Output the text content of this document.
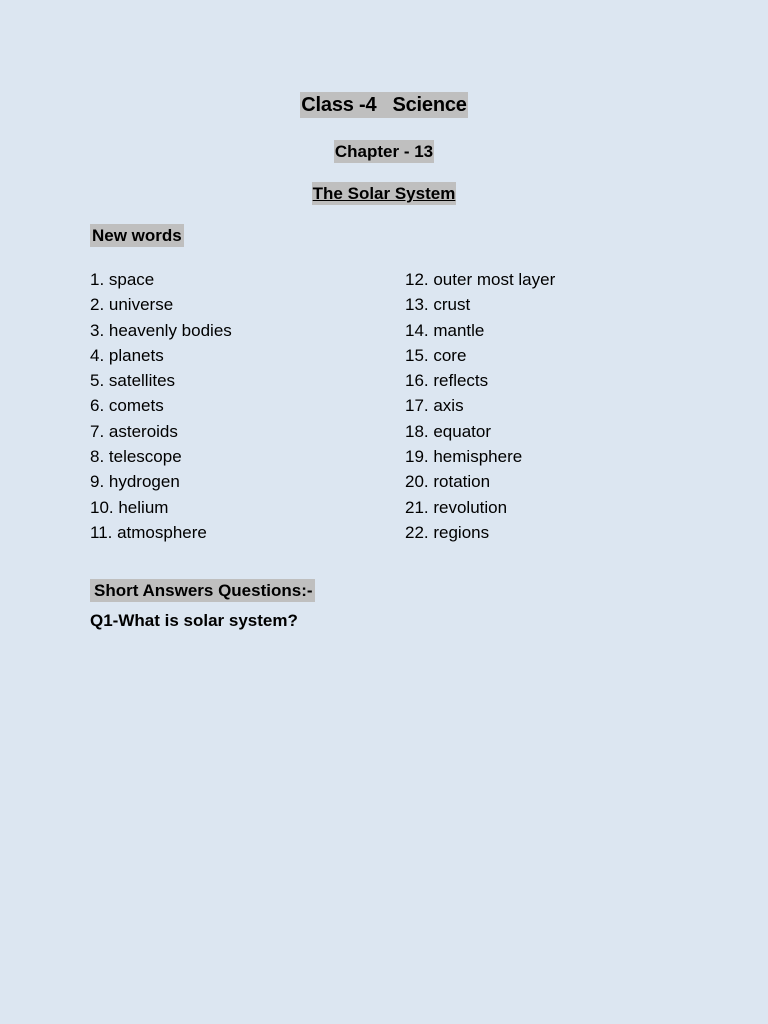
Class -4   Science
Chapter - 13
The Solar System
New words
1. space
2. universe
3. heavenly bodies
4. planets
5. satellites
6. comets
7. asteroids
8. telescope
9. hydrogen
10. helium
11. atmosphere
12. outer most layer
13. crust
14. mantle
15. core
16. reflects
17. axis
18. equator
19. hemisphere
20. rotation
21. revolution
22. regions
Short Answers Questions:-

Q1-What is solar system?
